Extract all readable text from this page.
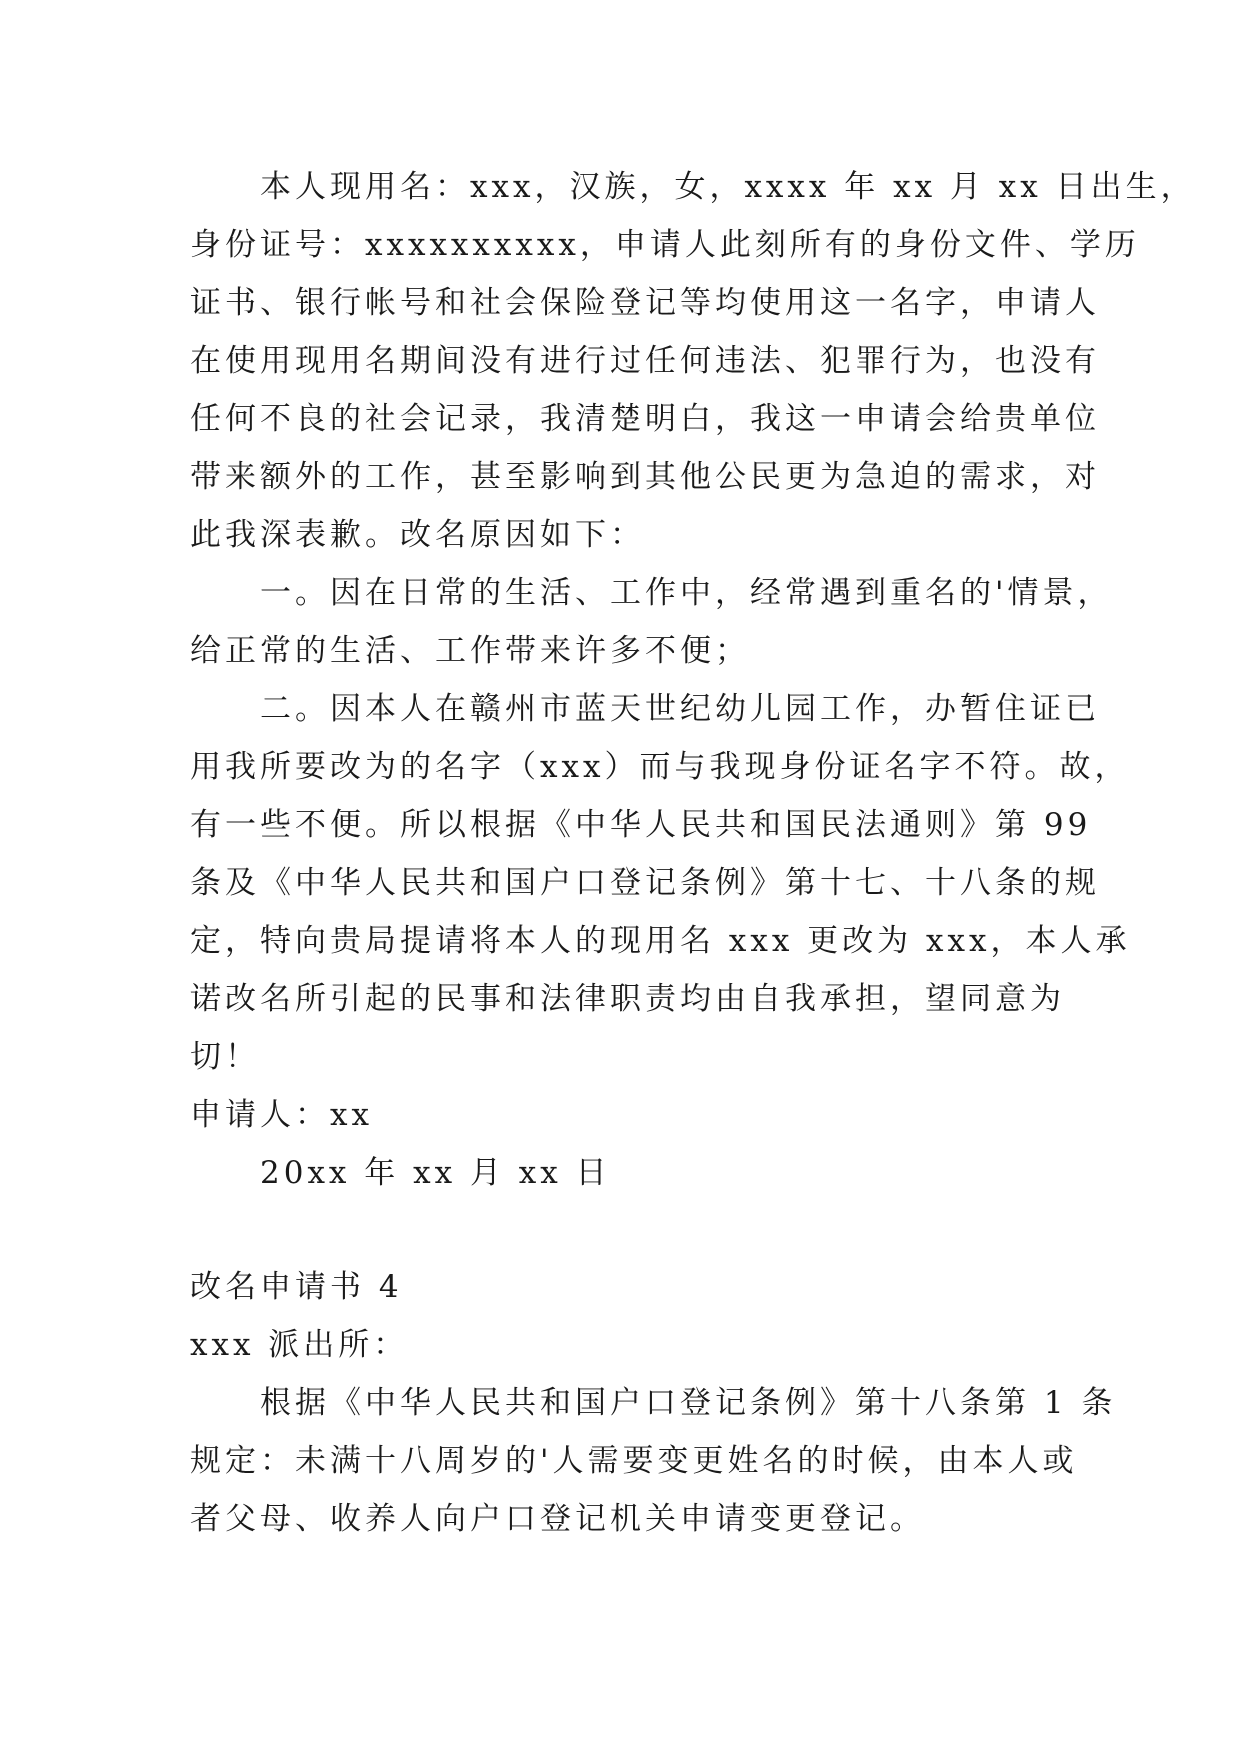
　　本人现用名：xxx，汉族，女，xxxx 年 xx 月 xx 日出生，
身份证号：xxxxxxxxxx，申请人此刻所有的身份文件、学历
证书、银行帐号和社会保险登记等均使用这一名字，申请人
在使用现用名期间没有进行过任何违法、犯罪行为，也没有
任何不良的社会记录，我清楚明白，我这一申请会给贵单位
带来额外的工作，甚至影响到其他公民更为急迫的需求，对
此我深表歉。改名原因如下：
　　一。因在日常的生活、工作中，经常遇到重名的'情景，
给正常的生活、工作带来许多不便；
　　二。因本人在赣州市蓝天世纪幼儿园工作，办暂住证已
用我所要改为的名字（xxx）而与我现身份证名字不符。故，
有一些不便。所以根据《中华人民共和国民法通则》第 99
条及《中华人民共和国户口登记条例》第十七、十八条的规
定，特向贵局提请将本人的现用名 xxx 更改为 xxx，本人承
诺改名所引起的民事和法律职责均由自我承担，望同意为
切！
申请人：xx
　　20xx 年 xx 月 xx 日
改名申请书 4
xxx 派出所：
　　根据《中华人民共和国户口登记条例》第十八条第 1 条
规定：未满十八周岁的'人需要变更姓名的时候，由本人或
者父母、收养人向户口登记机关申请变更登记。
